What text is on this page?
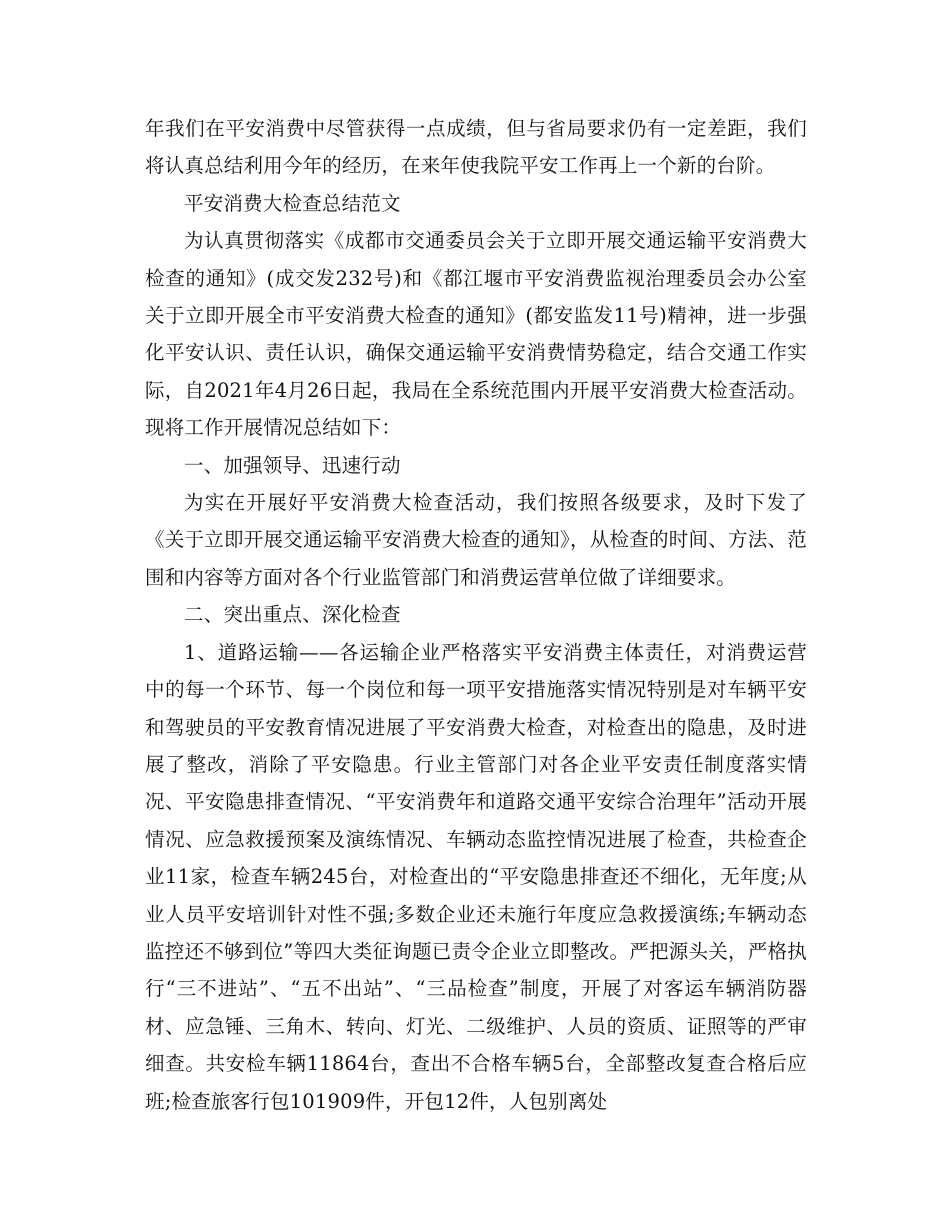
年我们在平安消费中尽管获得一点成绩，但与省局要求仍有一定差距，我们将认真总结利用今年的经历，在来年使我院平安工作再上一个新的台阶。

平安消费大检查总结范文

为认真贯彻落实《成都市交通委员会关于立即开展交通运输平安消费大检查的通知》(成交发232号)和《都江堰市平安消费监视治理委员会办公室关于立即开展全市平安消费大检查的通知》(都安监发11号)精神，进一步强化平安认识、责任认识，确保交通运输平安消费情势稳定，结合交通工作实际，自2021年4月26日起，我局在全系统范围内开展平安消费大检查活动。现将工作开展情况总结如下：

一、加强领导、迅速行动

为实在开展好平安消费大检查活动，我们按照各级要求，及时下发了《关于立即开展交通运输平安消费大检查的通知》，从检查的时间、方法、范围和内容等方面对各个行业监管部门和消费运营单位做了详细要求。

二、突出重点、深化检查

1、道路运输——各运输企业严格落实平安消费主体责任，对消费运营中的每一个环节、每一个岗位和每一项平安措施落实情况特别是对车辆平安和驾驶员的平安教育情况进展了平安消费大检查，对检查出的隐患，及时进展了整改，消除了平安隐患。行业主管部门对各企业平安责任制度落实情况、平安隐患排查情况、“平安消费年和道路交通平安综合治理年”活动开展情况、应急救援预案及演练情况、车辆动态监控情况进展了检查，共检查企业11家，检查车辆245台，对检查出的“平安隐患排查还不细化，无年度;从业人员平安培训针对性不强;多数企业还未施行年度应急救援演练;车辆动态监控还不够到位”等四大类征询题已责令企业立即整改。严把源头关，严格执行“三不进站”、“五不出站”、“三品检查”制度，开展了对客运车辆消防器材、应急锤、三角木、转向、灯光、二级维护、人员的资质、证照等的严审细查。共安检车辆11864台，查出不合格车辆5台，全部整改复查合格后应班;检查旅客行包101909件，开包12件，人包别离处
